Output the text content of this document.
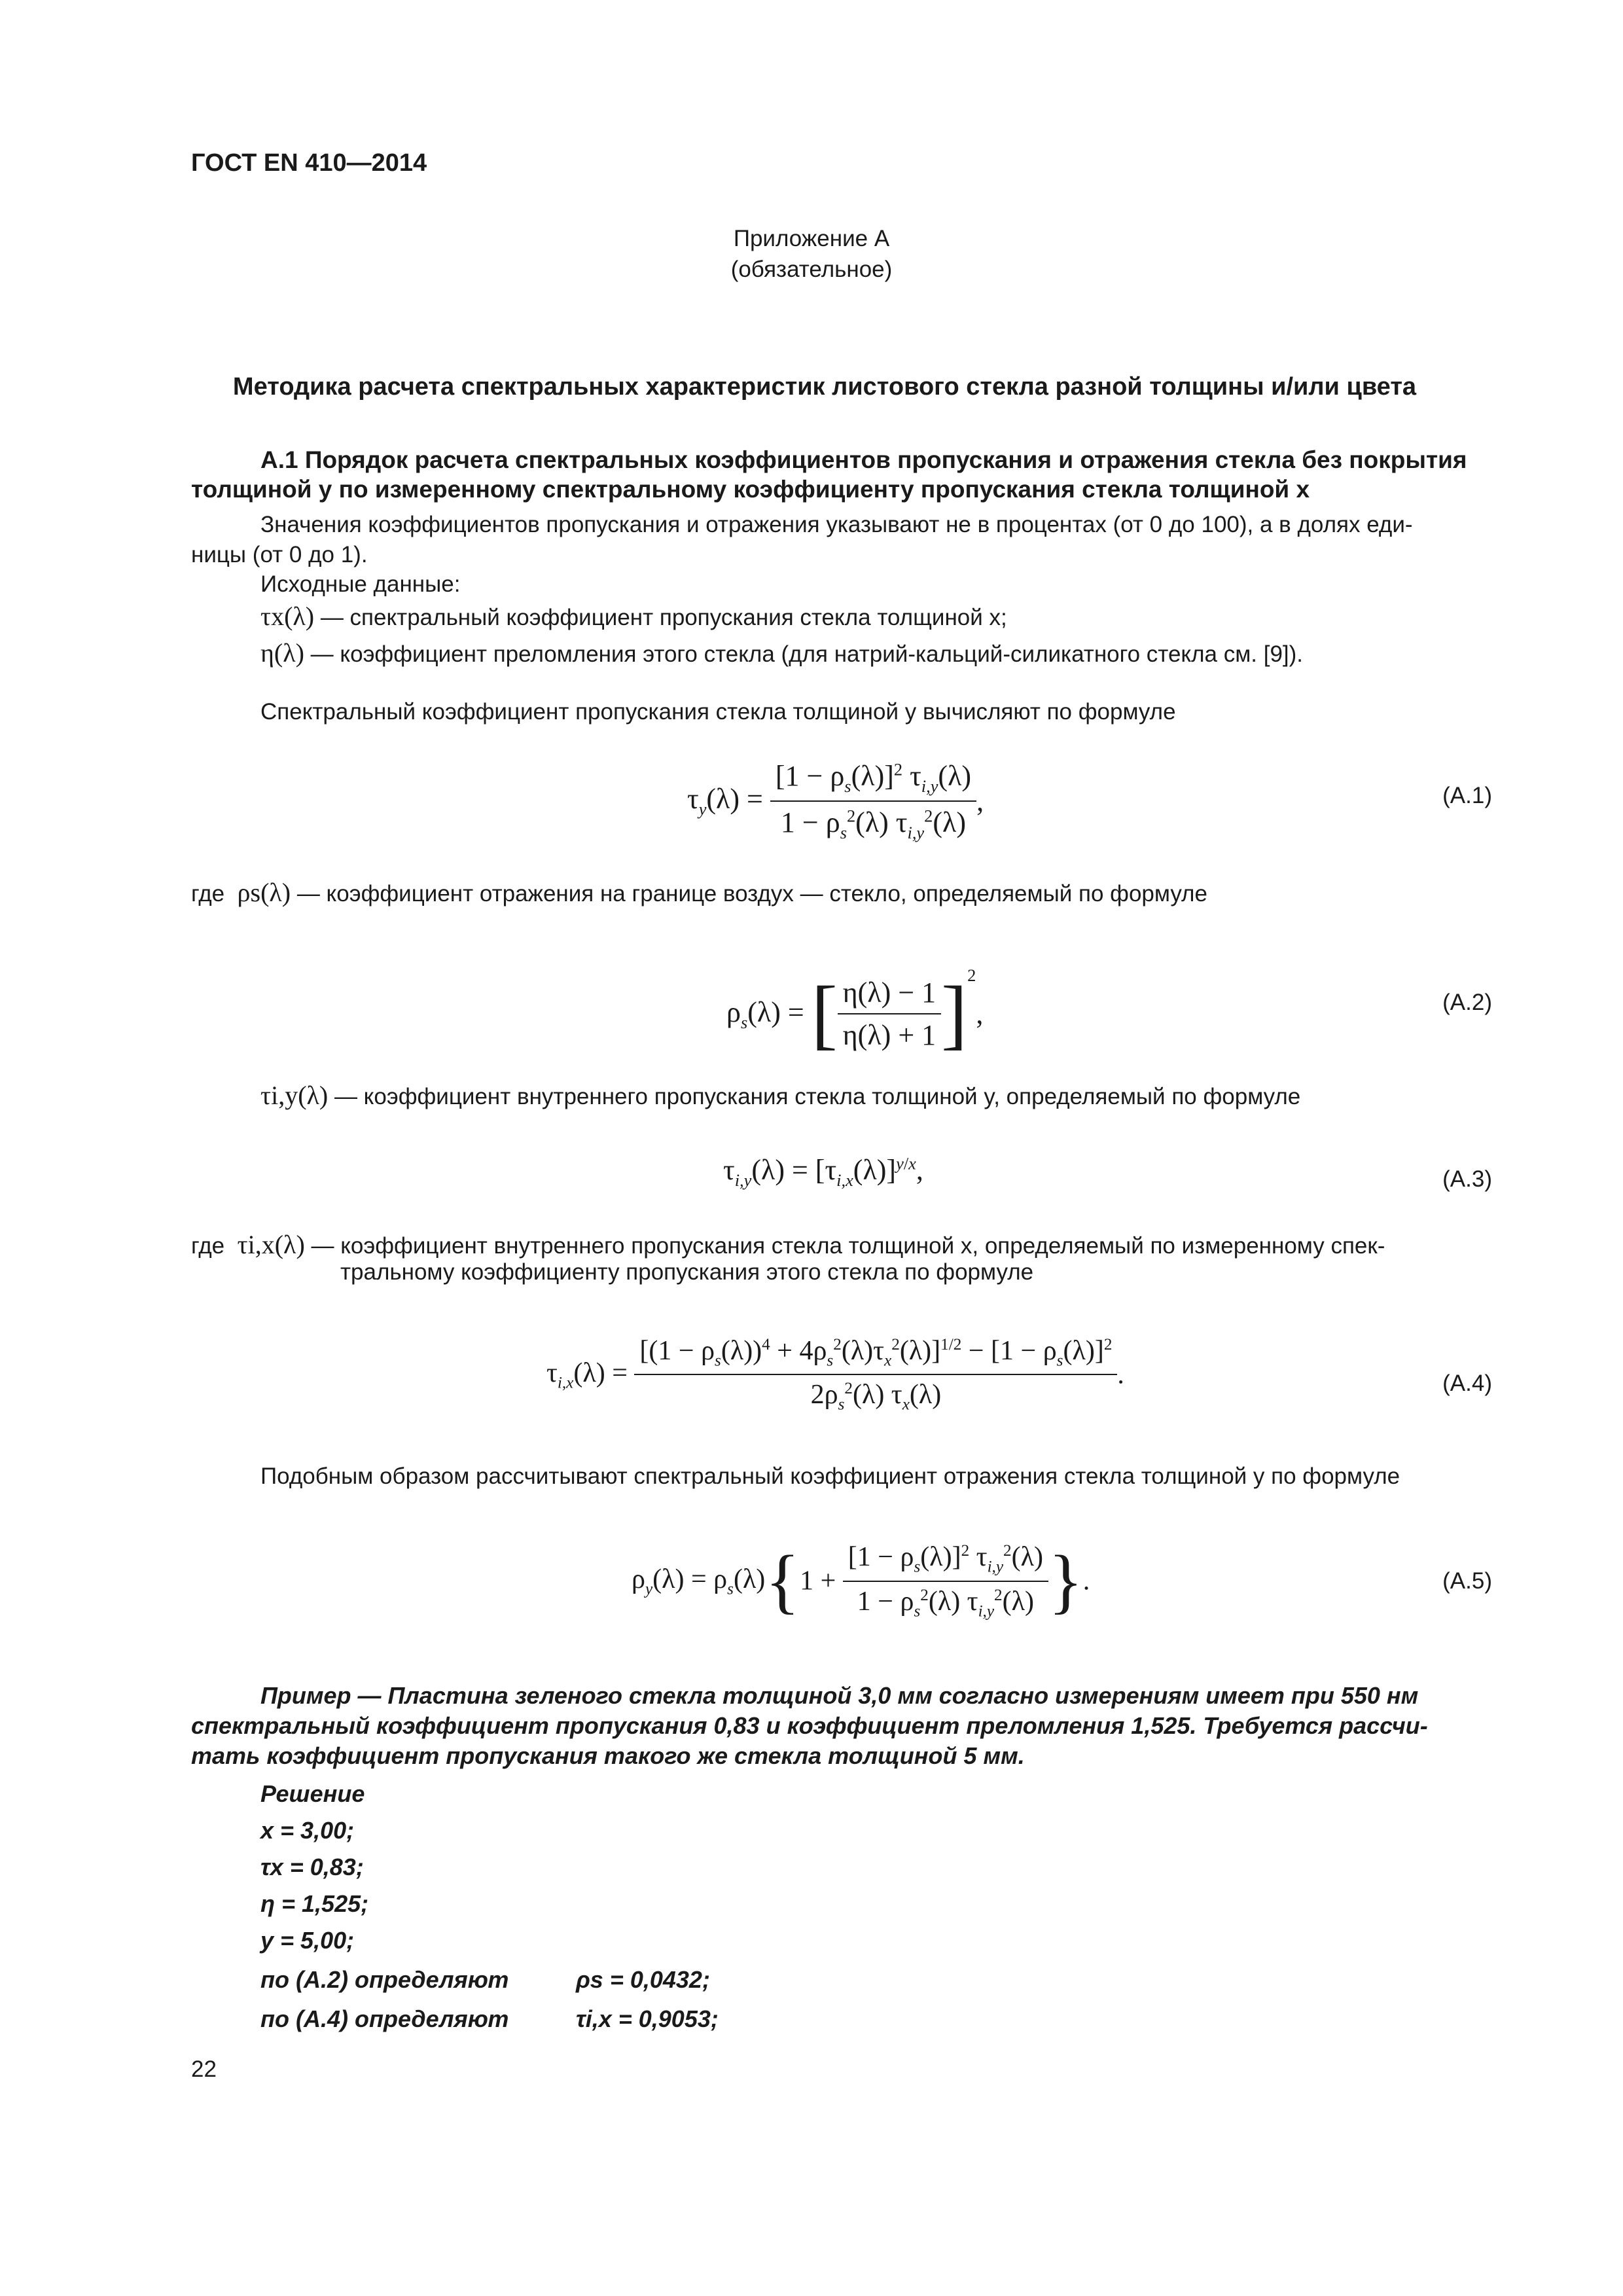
ГОСТ EN 410—2014
Приложение А
(обязательное)
Методика расчета спектральных характеристик листового стекла разной толщины и/или цвета
А.1 Порядок расчета спектральных коэффициентов пропускания и отражения стекла без покрытия
толщиной y по измеренному спектральному коэффициенту пропускания стекла толщиной x
Значения коэффициентов пропускания и отражения указывают не в процентах (от 0 до 100), а в долях еди-
ницы (от 0 до 1).
Исходные данные:
τx(λ) — спектральный коэффициент пропускания стекла толщиной x;
η(λ) — коэффициент преломления этого стекла (для натрий-кальций-силикатного стекла см. [9]).
Спектральный коэффициент пропускания стекла толщиной y вычисляют по формуле
$\tau_y(\lambda) = \frac{[1 - \rho_s(\lambda)]^2 \tau_{i,y}(\lambda)}{1 - \rho_s^2(\lambda) \tau_{i,y}^2(\lambda)}$ ,	(А.1)
где ρs(λ) — коэффициент отражения на границе воздух — стекло, определяемый по формуле
$\rho_s(\lambda)$ = [ $\frac{\eta(\lambda) - 1}{\eta(\lambda) + 1} ]^2$,	(А.2)
τi,y(λ) — коэффициент внутреннего пропускания стекла толщиной y, определяемый по формуле
$\tau_{i,y}(\lambda) = [\tau_{i,x}(\lambda)]^{y/x}$,	(А.3)
где τi,x(λ) — коэффициент внутреннего пропускания стекла толщиной x, определяемый по измеренному спек-
тральному коэффициенту пропускания этого стекла по формуле
$\tau_{i,x}(\lambda) = \frac{[(1 - \rho_s(\lambda))^4 + 4\rho_s^2(\lambda)\tau_x^2(\lambda)]^{1/2} - [1 - \rho_s(\lambda)]^2}{2\rho_s^2(\lambda) \tau_x(\lambda)}$ .	(А.4)
Подобным образом рассчитывают спектральный коэффициент отражения стекла толщиной y по формуле
$\rho_y(\lambda) = \rho_s(\lambda)\{1 + \frac{[1 - \rho_s(\lambda)]^2 \tau_{i,y}^2(\lambda)}{1 - \rho_s^2(\lambda) \tau_{i,y}^2(\lambda)}$ }.	(А.5)
Пример — Пластина зеленого стекла толщиной 3,0 мм согласно измерениям имеет при 550 нм
спектральный коэффициент пропускания 0,83 и коэффициент преломления 1,525. Требуется рассчи-
тать коэффициент пропускания такого же стекла толщиной 5 мм.
Решение
x = 3,00;
τx = 0,83;
η = 1,525;
y = 5,00;
по (А.2) определяют	ρs = 0,0432;
по (А.4) определяют	τi,x = 0,9053;
22
